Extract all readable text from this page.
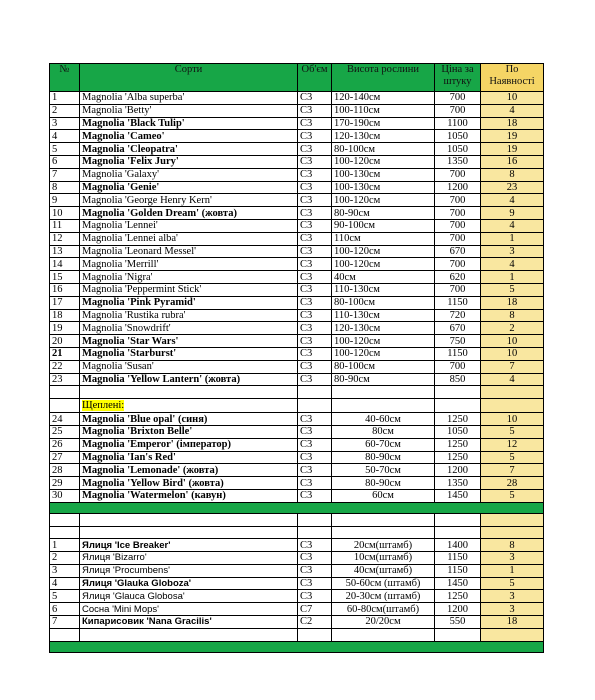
№	Сорти	Об'єм	Висота рослини	Ціна за штуку	По Наявності
1	Magnolia 'Alba superba'	C3	120-140см	700	10
2	Magnolia 'Betty'	C3	100-110см	700	4
3	Magnolia 'Black Tulip'	C3	170-190см	1100	18
4	Magnolia 'Cameo'	C3	120-130см	1050	19
5	Magnolia 'Cleopatra'	C3	80-100см	1050	19
6	Magnolia 'Felix Jury'	C3	100-120см	1350	16
7	Magnolia 'Galaxy'	C3	100-130см	700	8
8	Magnolia 'Genie'	C3	100-130см	1200	23
9	Magnolia 'George Henry Kern'	C3	100-120см	700	4
10	Magnolia 'Golden Dream' (жовта)	C3	80-90см	700	9
11	Magnolia 'Lennei'	C3	90-100см	700	4
12	Magnolia 'Lennei alba'	C3	110см	700	1
13	Magnolia 'Leonard Messel'	C3	100-120см	670	3
14	Magnolia 'Merrill'	C3	100-120см	700	4
15	Magnolia 'Nigra'	C3	40см	620	1
16	Magnolia 'Peppermint Stick'	C3	110-130см	700	5
17	Magnolia 'Pink Pyramid'	C3	80-100см	1150	18
18	Magnolia 'Rustika rubra'	C3	110-130см	720	8
19	Magnolia 'Snowdrift'	C3	120-130см	670	2
20	Magnolia 'Star Wars'	C3	100-120см	750	10
21	Magnolia 'Starburst'	C3	100-120см	1150	10
22	Magnolia 'Susan'	C3	80-100см	700	7
23	Magnolia 'Yellow Lantern' (жовта)	C3	80-90см	850	4

	Щеплені:				
24	Magnolia 'Blue opal' (синя)	C3	40-60см	1250	10
25	Magnolia 'Brixton Belle'	C3	80см	1050	5
26	Magnolia 'Emperor' (імператор)	C3	60-70см	1250	12
27	Magnolia 'Ian's Red'	C3	80-90см	1250	5
28	Magnolia 'Lemonade' (жовта)	C3	50-70см	1200	7
29	Magnolia 'Yellow Bird' (жовта)	C3	80-90см	1350	28
30	Magnolia 'Watermelon' (кавун)	C3	60см	1450	5

1	Ялиця 'Ice Breaker'	C3	20см(штамб)	1400	8
2	Ялиця 'Bizarro'	C3	10см(штамб)	1150	3
3	Ялиця 'Procumbens'	C3	40см(штамб)	1150	1
4	Ялиця 'Glauka Globoza'	C3	50-60см (штамб)	1450	5
5	Ялиця 'Glauca Globosa'	C3	20-30см (штамб)	1250	3
6	Сосна 'Mini Mops'	C7	60-80см(штамб)	1200	3
7	Кипарисовик 'Nana Gracilis'	C2	20/20см	550	18
